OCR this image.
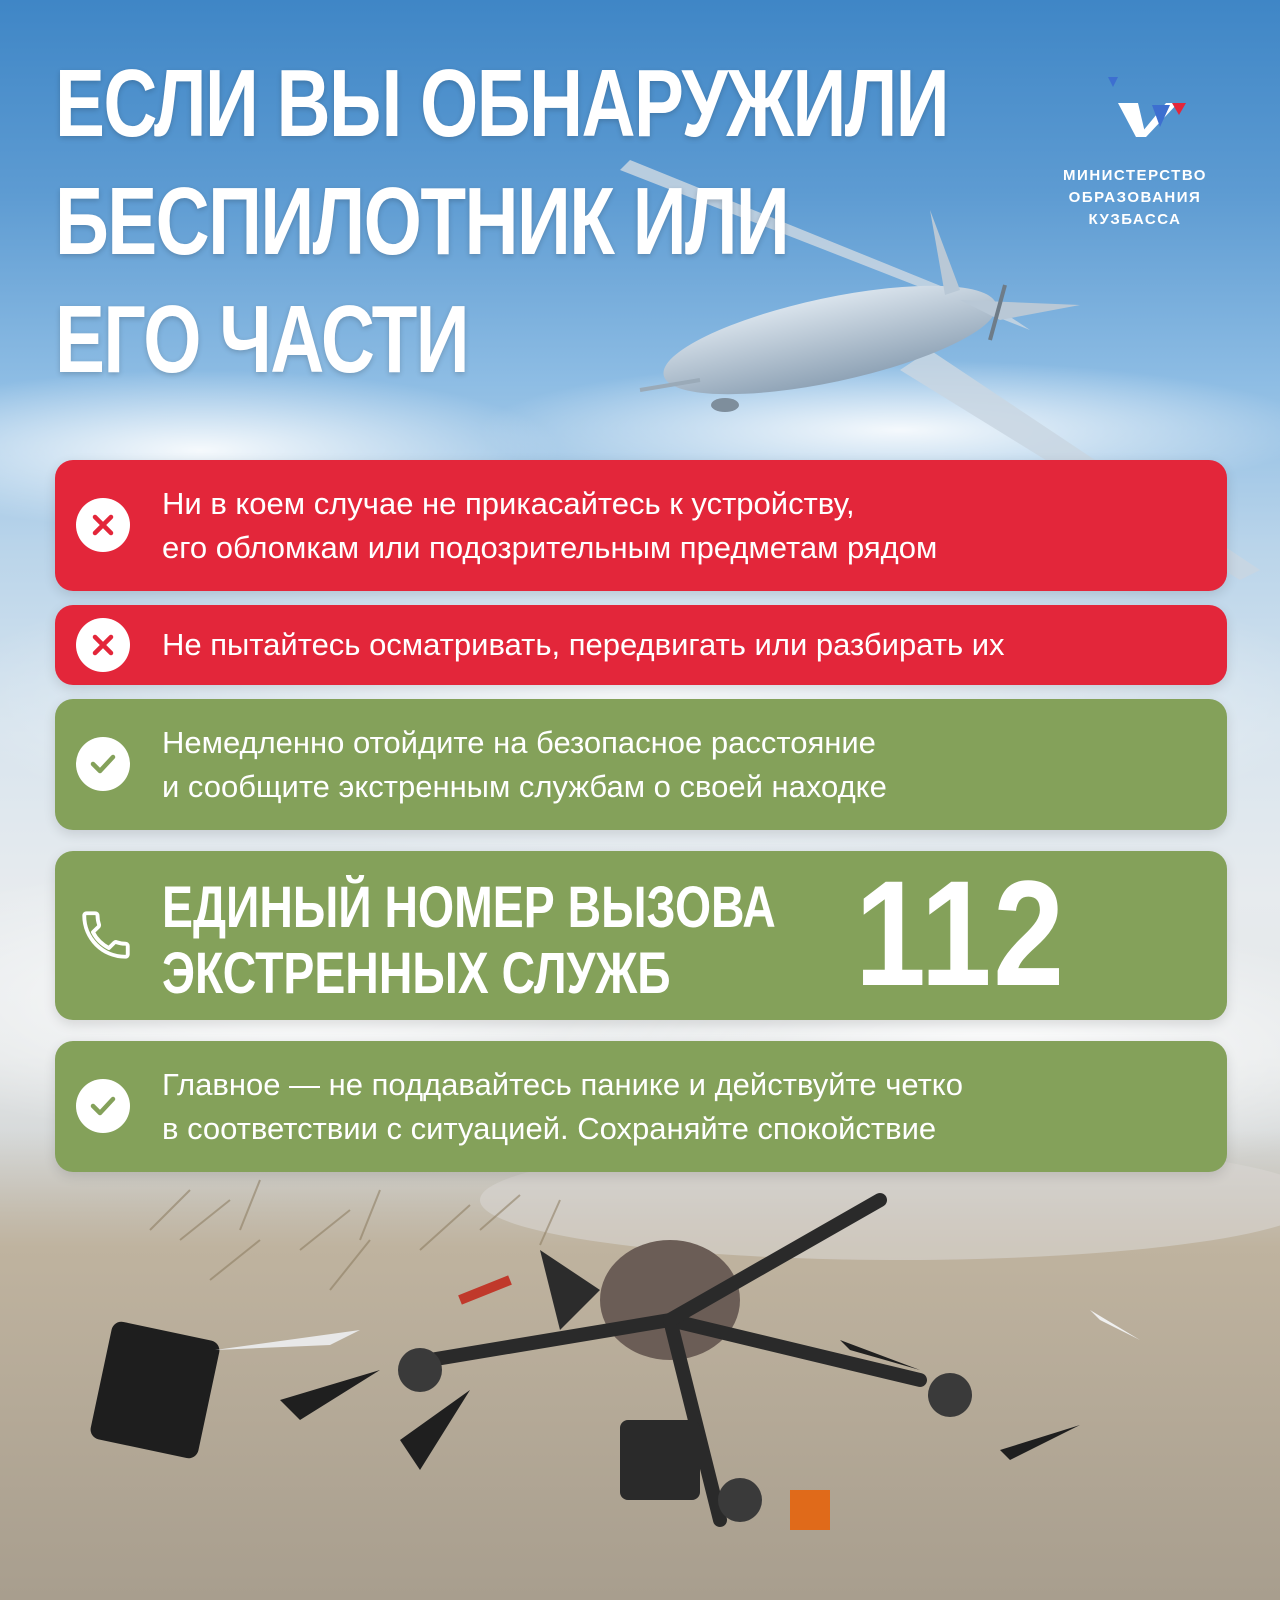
ЕСЛИ ВЫ ОБНАРУЖИЛИ
БЕСПИЛОТНИК ИЛИ
ЕГО ЧАСТИ
МИНИСТЕРСТВО
ОБРАЗОВАНИЯ
КУЗБАССА
Ни в коем случае не прикасайтесь к устройству,
его обломкам или подозрительным предметам рядом
Не пытайтесь осматривать, передвигать или разбирать их
Немедленно отойдите на безопасное расстояние
и сообщите экстренным службам о своей находке
ЕДИНЫЙ НОМЕР ВЫЗОВА
ЭКСТРЕННЫХ СЛУЖБ	112
Главное — не поддавайтесь панике и действуйте четко
в соответствии с ситуацией. Сохраняйте спокойствие
